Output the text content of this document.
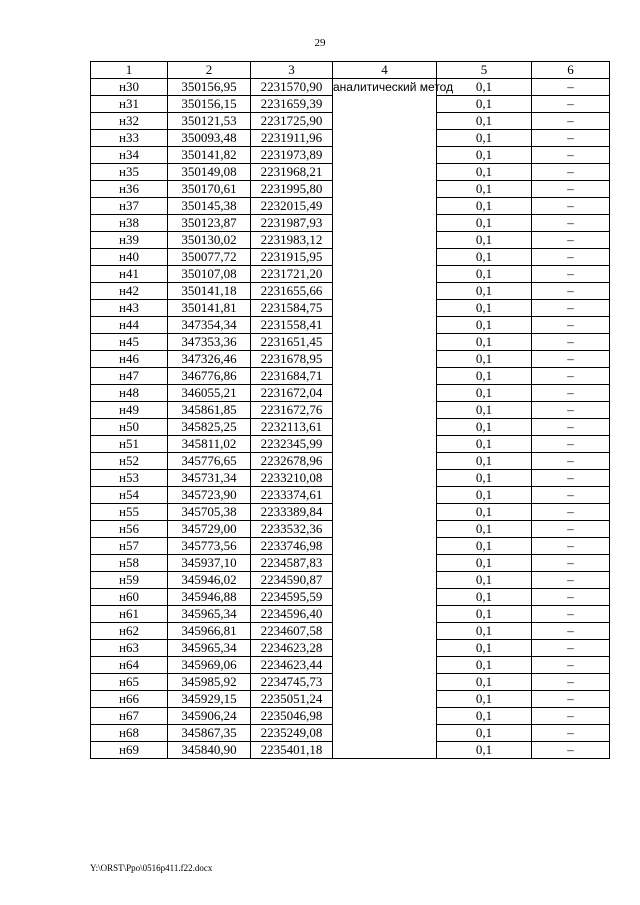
29
1	2	3	4	5	6
н30	350156,95	2231570,90	аналитический метод	0,1	–
н31	350156,15	2231659,39		0,1	–
н32	350121,53	2231725,90		0,1	–
н33	350093,48	2231911,96		0,1	–
н34	350141,82	2231973,89		0,1	–
н35	350149,08	2231968,21		0,1	–
н36	350170,61	2231995,80		0,1	–
н37	350145,38	2232015,49		0,1	–
н38	350123,87	2231987,93		0,1	–
н39	350130,02	2231983,12		0,1	–
н40	350077,72	2231915,95		0,1	–
н41	350107,08	2231721,20		0,1	–
н42	350141,18	2231655,66		0,1	–
н43	350141,81	2231584,75		0,1	–
н44	347354,34	2231558,41		0,1	–
н45	347353,36	2231651,45		0,1	–
н46	347326,46	2231678,95		0,1	–
н47	346776,86	2231684,71		0,1	–
н48	346055,21	2231672,04		0,1	–
н49	345861,85	2231672,76		0,1	–
н50	345825,25	2232113,61		0,1	–
н51	345811,02	2232345,99		0,1	–
н52	345776,65	2232678,96		0,1	–
н53	345731,34	2233210,08		0,1	–
н54	345723,90	2233374,61		0,1	–
н55	345705,38	2233389,84		0,1	–
н56	345729,00	2233532,36		0,1	–
н57	345773,56	2233746,98		0,1	–
н58	345937,10	2234587,83		0,1	–
н59	345946,02	2234590,87		0,1	–
н60	345946,88	2234595,59		0,1	–
н61	345965,34	2234596,40		0,1	–
н62	345966,81	2234607,58		0,1	–
н63	345965,34	2234623,28		0,1	–
н64	345969,06	2234623,44		0,1	–
н65	345985,92	2234745,73		0,1	–
н66	345929,15	2235051,24		0,1	–
н67	345906,24	2235046,98		0,1	–
н68	345867,35	2235249,08		0,1	–
н69	345840,90	2235401,18		0,1	–
Y:\ORST\Ppo\0516p411.f22.docx
